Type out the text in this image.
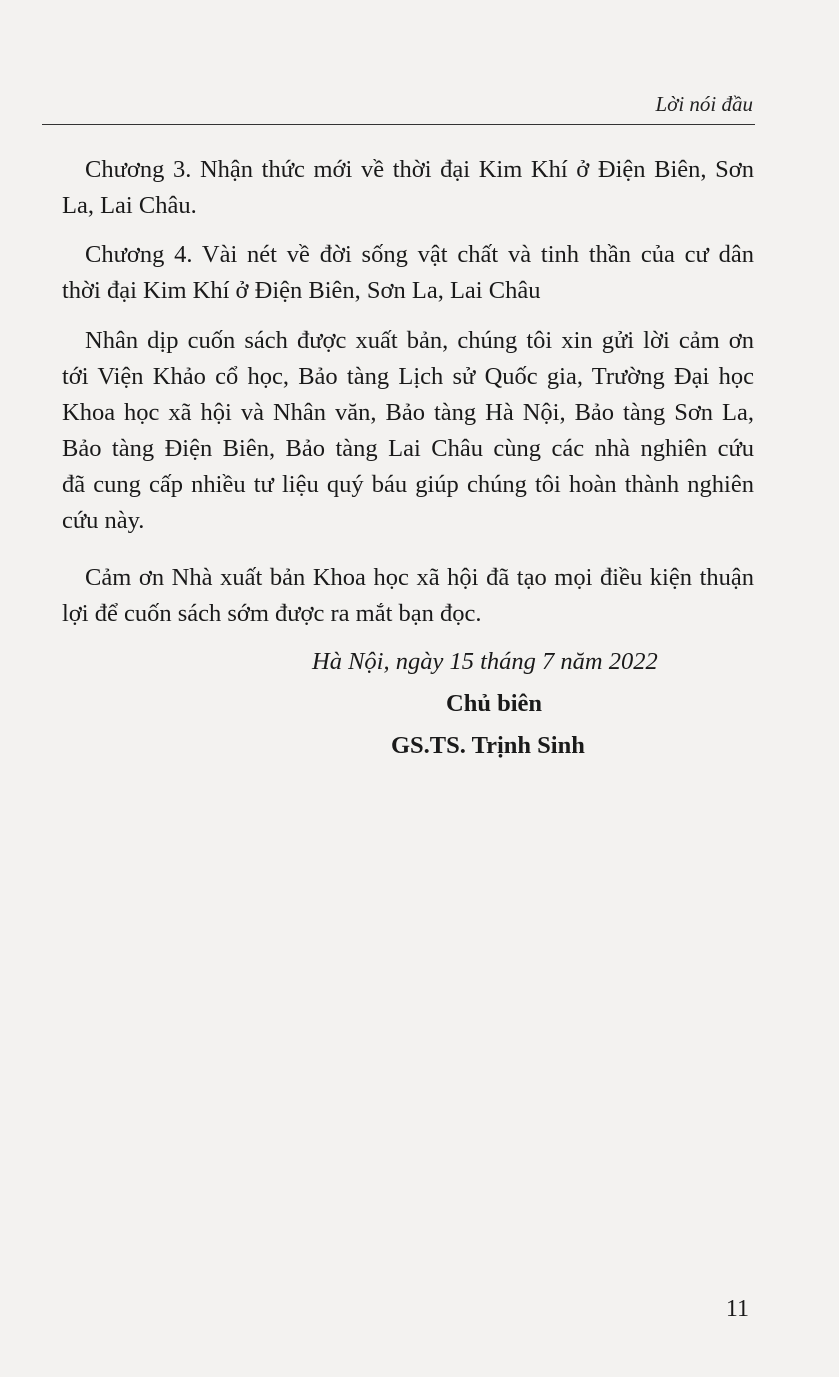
Lời nói đầu

Chương 3. Nhận thức mới về thời đại Kim Khí ở Điện Biên, Sơn
La, Lai Châu.

Chương 4. Vài nét về đời sống vật chất và tinh thần của cư dân
thời đại Kim Khí ở Điện Biên, Sơn La, Lai Châu

Nhân dịp cuốn sách được xuất bản, chúng tôi xin gửi lời cảm ơn
tới Viện Khảo cổ học, Bảo tàng Lịch sử Quốc gia, Trường Đại học
Khoa học xã hội và Nhân văn, Bảo tàng Hà Nội, Bảo tàng Sơn La,
Bảo tàng Điện Biên, Bảo tàng Lai Châu cùng các nhà nghiên cứu
đã cung cấp nhiều tư liệu quý báu giúp chúng tôi hoàn thành nghiên
cứu này.

Cảm ơn Nhà xuất bản Khoa học xã hội đã tạo mọi điều kiện thuận
lợi để cuốn sách sớm được ra mắt bạn đọc.

Hà Nội, ngày 15 tháng 7 năm 2022
Chủ biên
GS.TS. Trịnh Sinh
11
